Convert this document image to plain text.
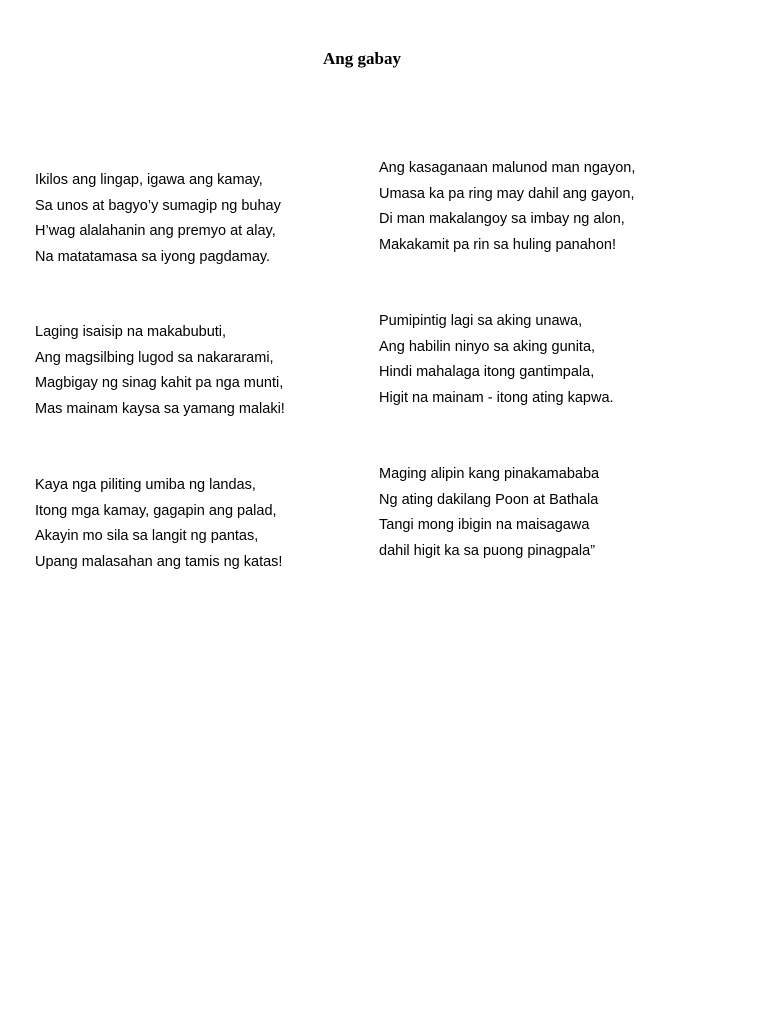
Ang gabay
Ikilos ang lingap, igawa ang kamay,
Sa unos at bagyo’y sumagip ng buhay
H’wag alalahanin ang premyo at alay,
Na matatamasa sa iyong pagdamay.
Laging isaisip na makabubuti,
Ang magsilbing lugod sa nakararami,
Magbigay ng sinag kahit pa nga munti,
Mas mainam kaysa sa yamang malaki!
Kaya nga piliting umiba ng landas,
Itong mga kamay, gagapin ang palad,
Akayin mo sila sa langit ng pantas,
Upang malasahan ang tamis ng katas!
Ang kasaganaan malunod man ngayon,
Umasa ka pa ring may dahil ang gayon,
Di man makalangoy sa imbay ng alon,
Makakamit pa rin sa huling panahon!
Pumipintig lagi sa aking unawa,
Ang habilin ninyo sa aking gunita,
Hindi mahalaga itong gantimpala,
Higit na mainam - itong ating kapwa.
Maging alipin kang pinakamababa
Ng ating dakilang Poon at Bathala
Tangi mong ibigin na maisagawa
dahil higit ka sa puong pinagpala”
